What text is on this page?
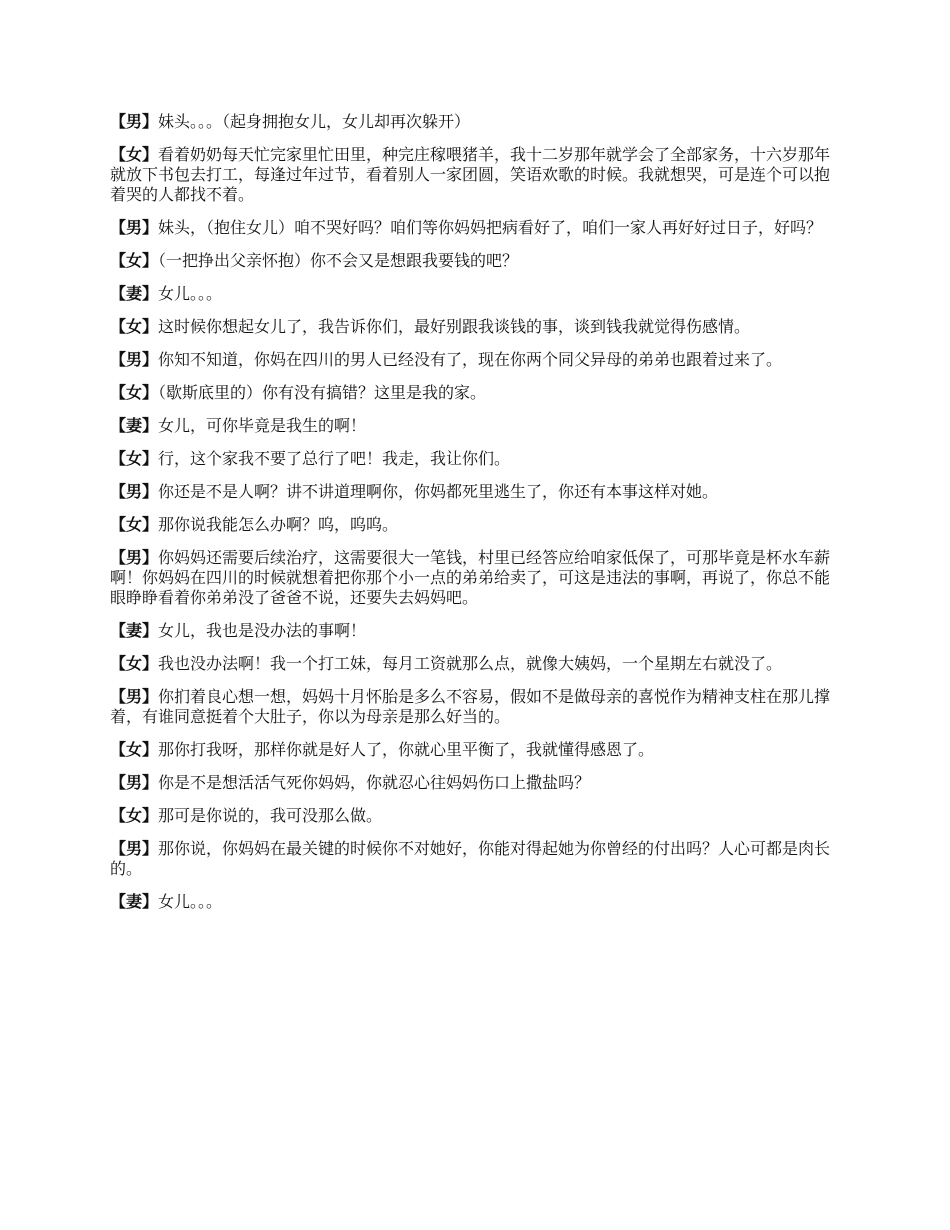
【男】妹头。。。（起身拥抱女儿，女儿却再次躲开）

【女】看着奶奶每天忙完家里忙田里，种完庄稼喂猪羊，我十二岁那年就学会了全部家务，十六岁那年就放下书包去打工，每逢过年过节，看着别人一家团圆，笑语欢歌的时候。我就想哭，可是连个可以抱着哭的人都找不着。

【男】妹头，（抱住女儿）咱不哭好吗？咱们等你妈妈把病看好了，咱们一家人再好好过日子，好吗？

【女】（一把挣出父亲怀抱）你不会又是想跟我要钱的吧？

【妻】女儿。。。

【女】这时候你想起女儿了，我告诉你们，最好别跟我谈钱的事，谈到钱我就觉得伤感情。

【男】你知不知道，你妈在四川的男人已经没有了，现在你两个同父异母的弟弟也跟着过来了。

【女】（歇斯底里的）你有没有搞错？这里是我的家。

【妻】女儿，可你毕竟是我生的啊！

【女】行，这个家我不要了总行了吧！我走，我让你们。

【男】你还是不是人啊？讲不讲道理啊你，你妈都死里逃生了，你还有本事这样对她。

【女】那你说我能怎么办啊？呜，呜呜。

【男】你妈妈还需要后续治疗，这需要很大一笔钱，村里已经答应给咱家低保了，可那毕竟是杯水车薪啊！你妈妈在四川的时候就想着把你那个小一点的弟弟给卖了，可这是违法的事啊，再说了，你总不能眼睁睁看着你弟弟没了爸爸不说，还要失去妈妈吧。

【妻】女儿，我也是没办法的事啊！

【女】我也没办法啊！我一个打工妹，每月工资就那么点，就像大姨妈，一个星期左右就没了。

【男】你扪着良心想一想，妈妈十月怀胎是多么不容易，假如不是做母亲的喜悦作为精神支柱在那儿撑着，有谁同意挺着个大肚子，你以为母亲是那么好当的。

【女】那你打我呀，那样你就是好人了，你就心里平衡了，我就懂得感恩了。

【男】你是不是想活活气死你妈妈，你就忍心往妈妈伤口上撒盐吗？

【女】那可是你说的，我可没那么做。

【男】那你说，你妈妈在最关键的时候你不对她好，你能对得起她为你曾经的付出吗？人心可都是肉长的。

【妻】女儿。。。
